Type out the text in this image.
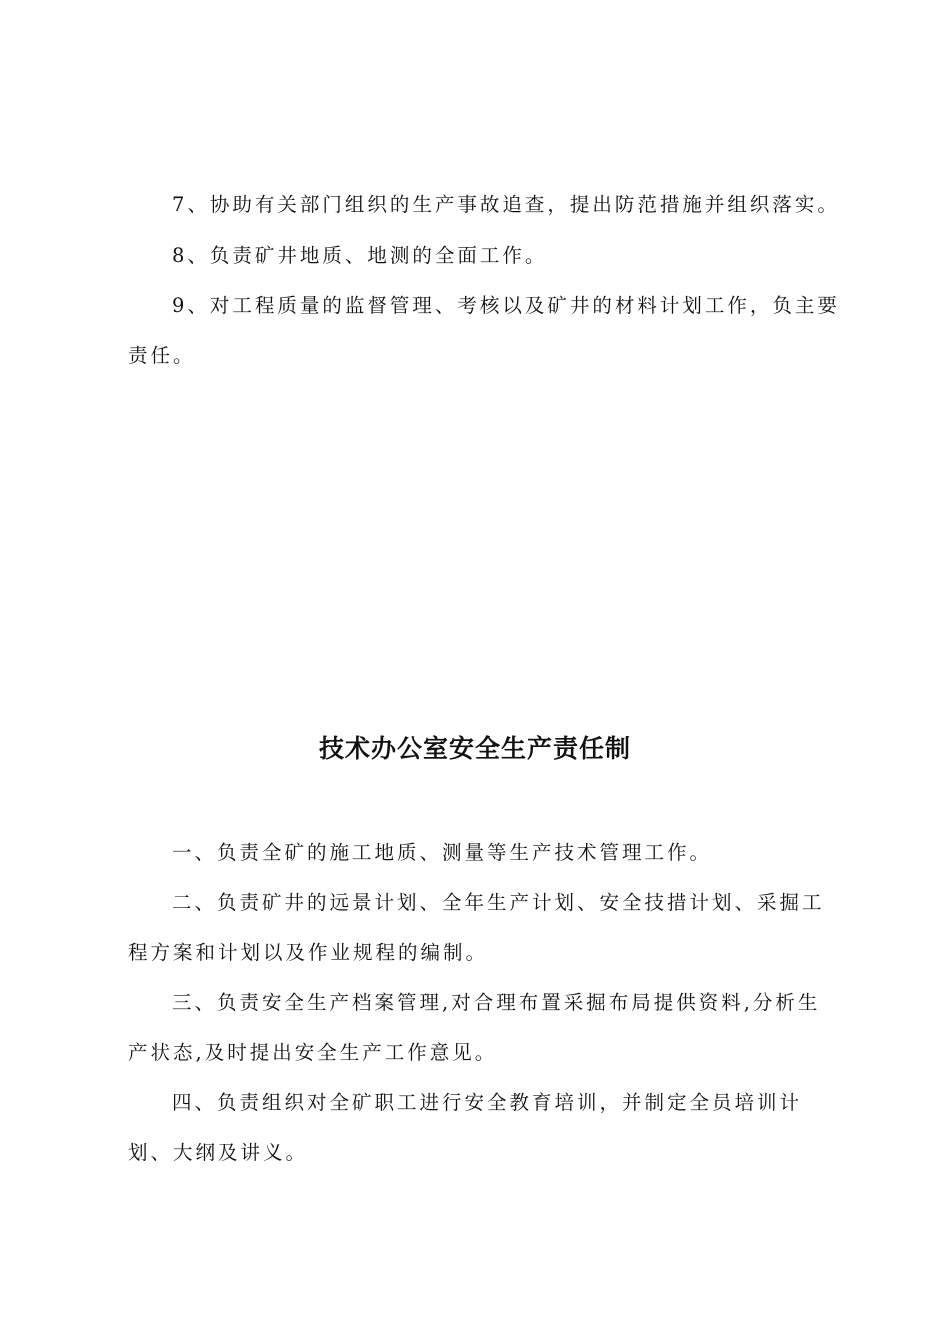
7、协助有关部门组织的生产事故追查，提出防范措施并组织落实。
8、负责矿井地质、地测的全面工作。
9、对工程质量的监督管理、考核以及矿井的材料计划工作，负主要
责任。
技术办公室安全生产责任制
一、负责全矿的施工地质、测量等生产技术管理工作。
二、负责矿井的远景计划、全年生产计划、安全技措计划、采掘工
程方案和计划以及作业规程的编制。
三、负责安全生产档案管理,对合理布置采掘布局提供资料,分析生
产状态,及时提出安全生产工作意见。
四、负责组织对全矿职工进行安全教育培训，并制定全员培训计
划、大纲及讲义。
